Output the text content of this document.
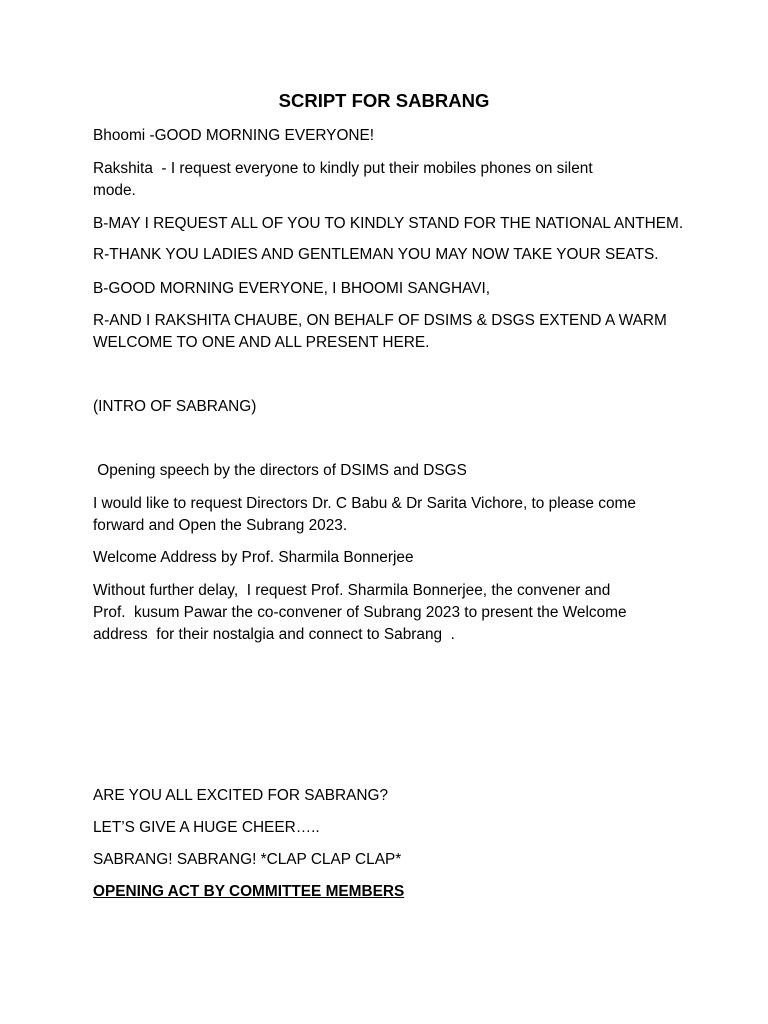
SCRIPT FOR SABRANG

Bhoomi -GOOD MORNING EVERYONE!

Rakshita  - I request everyone to kindly put their mobiles phones on silent

mode.

B-MAY I REQUEST ALL OF YOU TO KINDLY STAND FOR THE NATIONAL ANTHEM.

R-THANK YOU LADIES AND GENTLEMAN YOU MAY NOW TAKE YOUR SEATS.

B-GOOD MORNING EVERYONE, I BHOOMI SANGHAVI,

R-AND I RAKSHITA CHAUBE, ON BEHALF OF DSIMS & DSGS EXTEND A WARM

WELCOME TO ONE AND ALL PRESENT HERE.

(INTRO OF SABRANG)

Opening speech by the directors of DSIMS and DSGS

I would like to request Directors Dr. C Babu & Dr Sarita Vichore, to please come

forward and Open the Subrang 2023.

Welcome Address by Prof. Sharmila Bonnerjee

Without further delay,  I request Prof. Sharmila Bonnerjee, the convener and

Prof.  kusum Pawar the co-convener of Subrang 2023 to present the Welcome

address  for their nostalgia and connect to Sabrang  .

ARE YOU ALL EXCITED FOR SABRANG?

LET’S GIVE A HUGE CHEER…..

SABRANG! SABRANG! *CLAP CLAP CLAP*

OPENING ACT BY COMMITTEE MEMBERS
